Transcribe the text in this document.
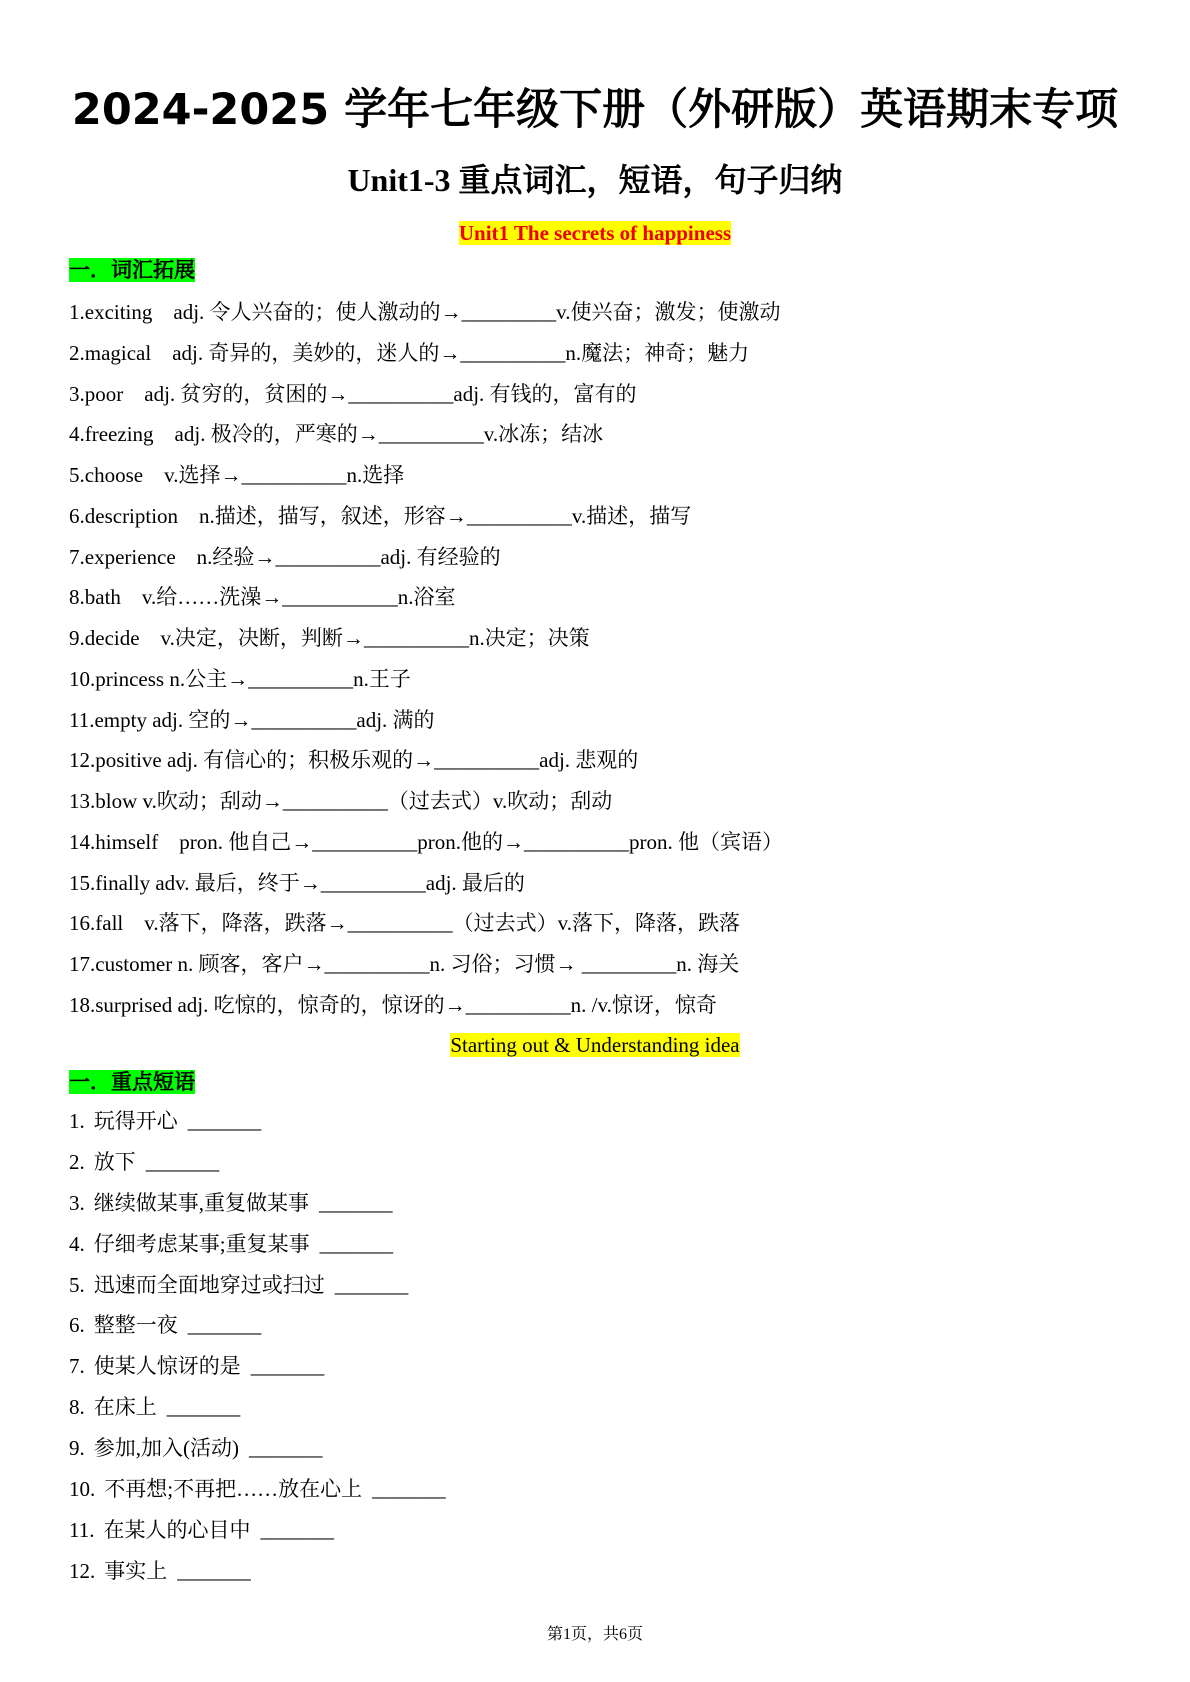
2024-2025 学年七年级下册（外研版）英语期末专项
Unit1-3 重点词汇，短语，句子归纳
Unit1 The secrets of happiness
一．词汇拓展
1.exciting　adj. 令人兴奋的；使人激动的→_________v.使兴奋；激发；使激动
2.magical　adj. 奇异的，美妙的，迷人的→__________n.魔法；神奇；魅力
3.poor　adj. 贫穷的，贫困的→__________adj. 有钱的，富有的
4.freezing　adj. 极冷的，严寒的→__________v.冰冻；结冰
5.choose　v.选择→__________n.选择
6.description　n.描述，描写，叙述，形容→__________v.描述，描写
7.experience　n.经验→__________adj. 有经验的
8.bath　v.给……洗澡→___________n.浴室
9.decide　v.决定，决断，判断→__________n.决定；决策
10.princess n.公主→__________n.王子
11.empty adj. 空的→__________adj. 满的
12.positive adj. 有信心的；积极乐观的→__________adj. 悲观的
13.blow v.吹动；刮动→__________（过去式）v.吹动；刮动
14.himself　pron. 他自己→__________pron.他的→__________pron. 他（宾语）
15.finally adv. 最后，终于→__________adj. 最后的
16.fall　v.落下，降落，跌落→__________（过去式）v.落下，降落，跌落
17.customer n. 顾客，客户→__________n. 习俗；习惯→ _________n. 海关
18.surprised adj. 吃惊的，惊奇的，惊讶的→__________n. /v.惊讶，惊奇
Starting out & Understanding idea
一．重点短语
1. 玩得开心 _______
2. 放下 _______
3. 继续做某事,重复做某事 _______
4. 仔细考虑某事;重复某事 _______
5. 迅速而全面地穿过或扫过 _______
6. 整整一夜 _______
7. 使某人惊讶的是 _______
8. 在床上 _______
9. 参加,加入(活动) _______
10. 不再想;不再把……放在心上 _______
11. 在某人的心目中 _______
12. 事实上 _______
第1页，共6页
